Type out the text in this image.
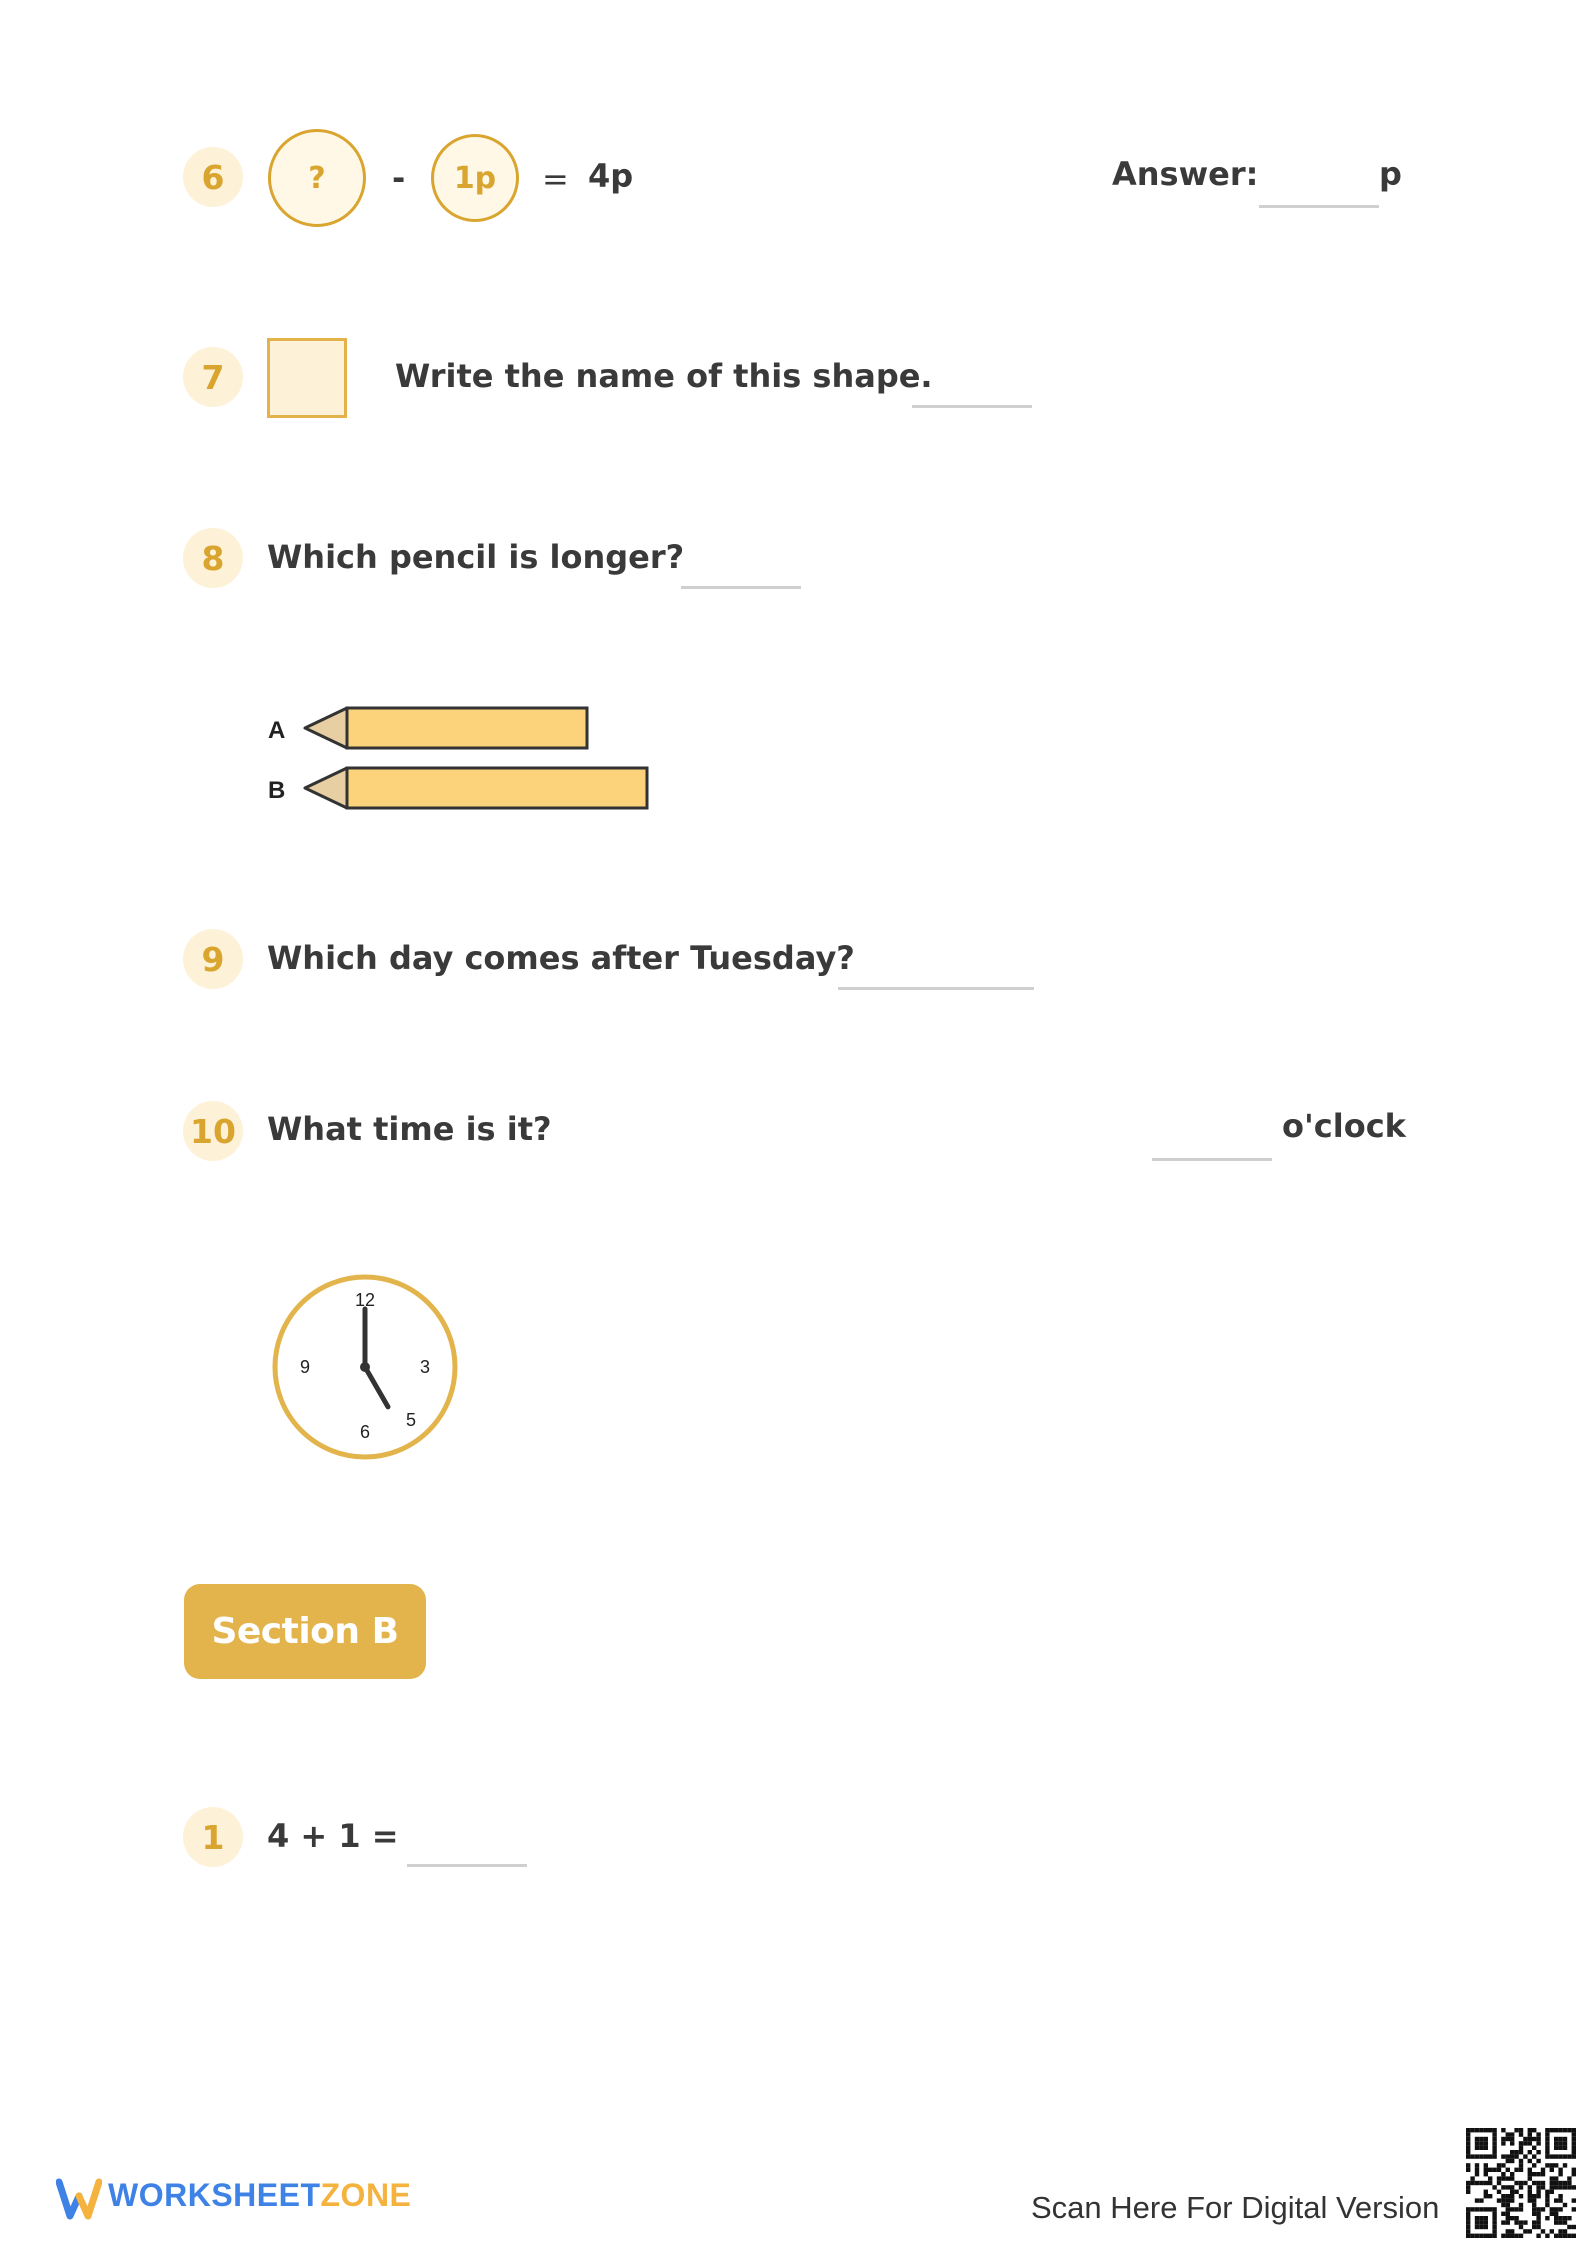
6	?	-	1p	= 4p	Answer:	p
7	Write the name of this shape.
8	Which pencil is longer?
A
B
9	Which day comes after Tuesday?
10 What time is it?	o'clock
12
3
5
6
9
Section B
1	4 + 1 =
WORKSHEETZONE	Scan Here For Digital Version
